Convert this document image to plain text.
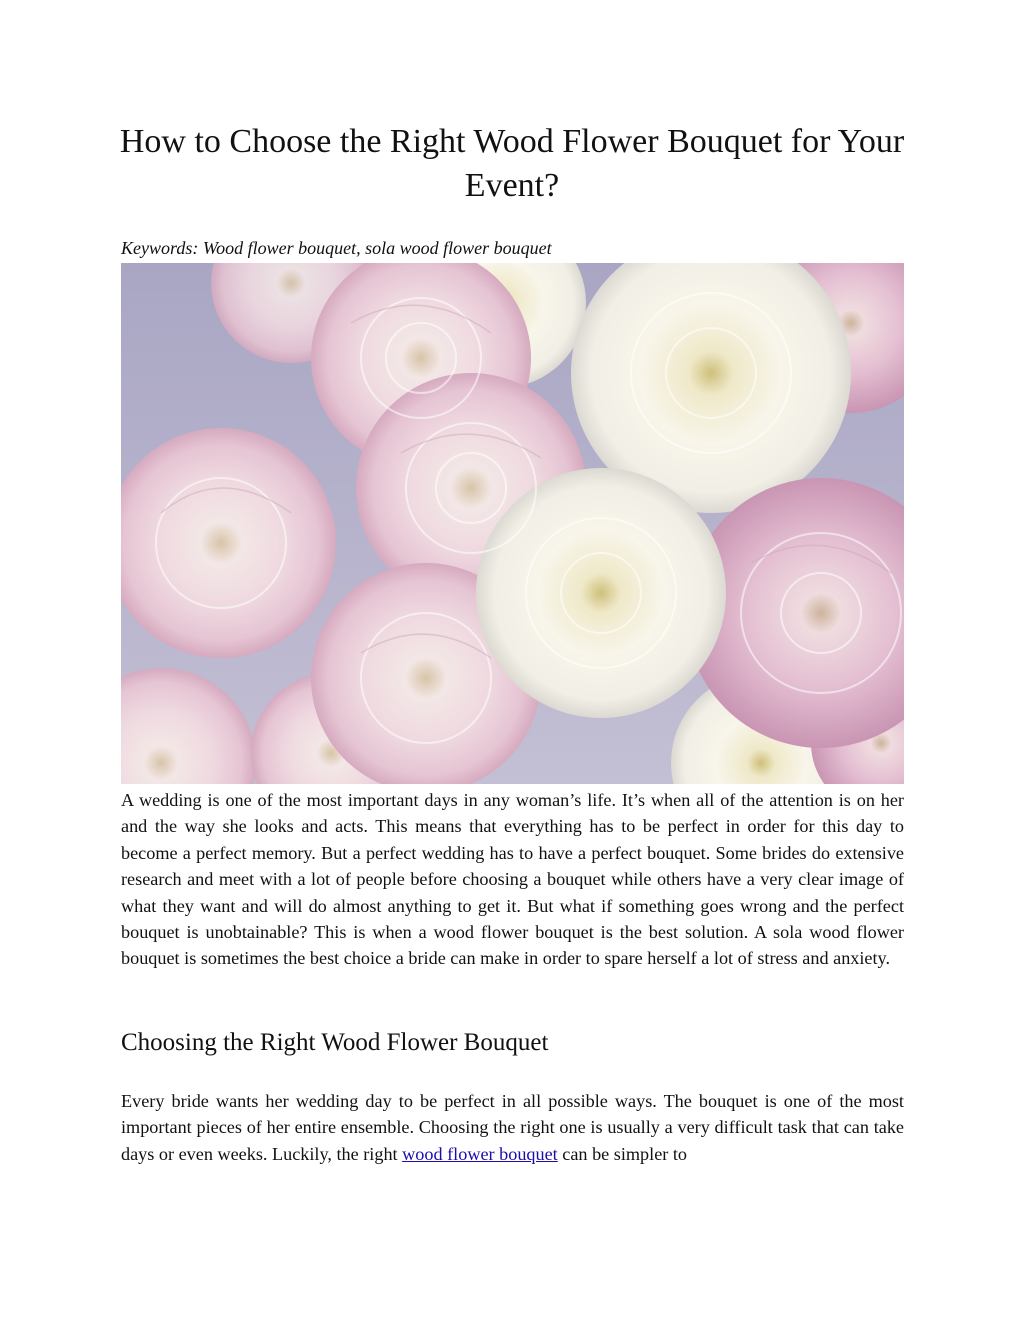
How to Choose the Right Wood Flower Bouquet for Your Event?

Keywords: Wood flower bouquet, sola wood flower bouquet

A wedding is one of the most important days in any woman’s life. It’s when all of the attention is on her and the way she looks and acts. This means that everything has to be perfect in order for this day to become a perfect memory. But a perfect wedding has to have a perfect bouquet. Some brides do extensive research and meet with a lot of people before choosing a bouquet while others have a very clear image of what they want and will do almost anything to get it. But what if something goes wrong and the perfect bouquet is unobtainable? This is when a wood flower bouquet is the best solution. A sola wood flower bouquet is sometimes the best choice a bride can make in order to spare herself a lot of stress and anxiety.

Choosing the Right Wood Flower Bouquet

Every bride wants her wedding day to be perfect in all possible ways. The bouquet is one of the most important pieces of her entire ensemble. Choosing the right one is usually a very difficult task that can take days or even weeks. Luckily, the right wood flower bouquet can be simpler to
